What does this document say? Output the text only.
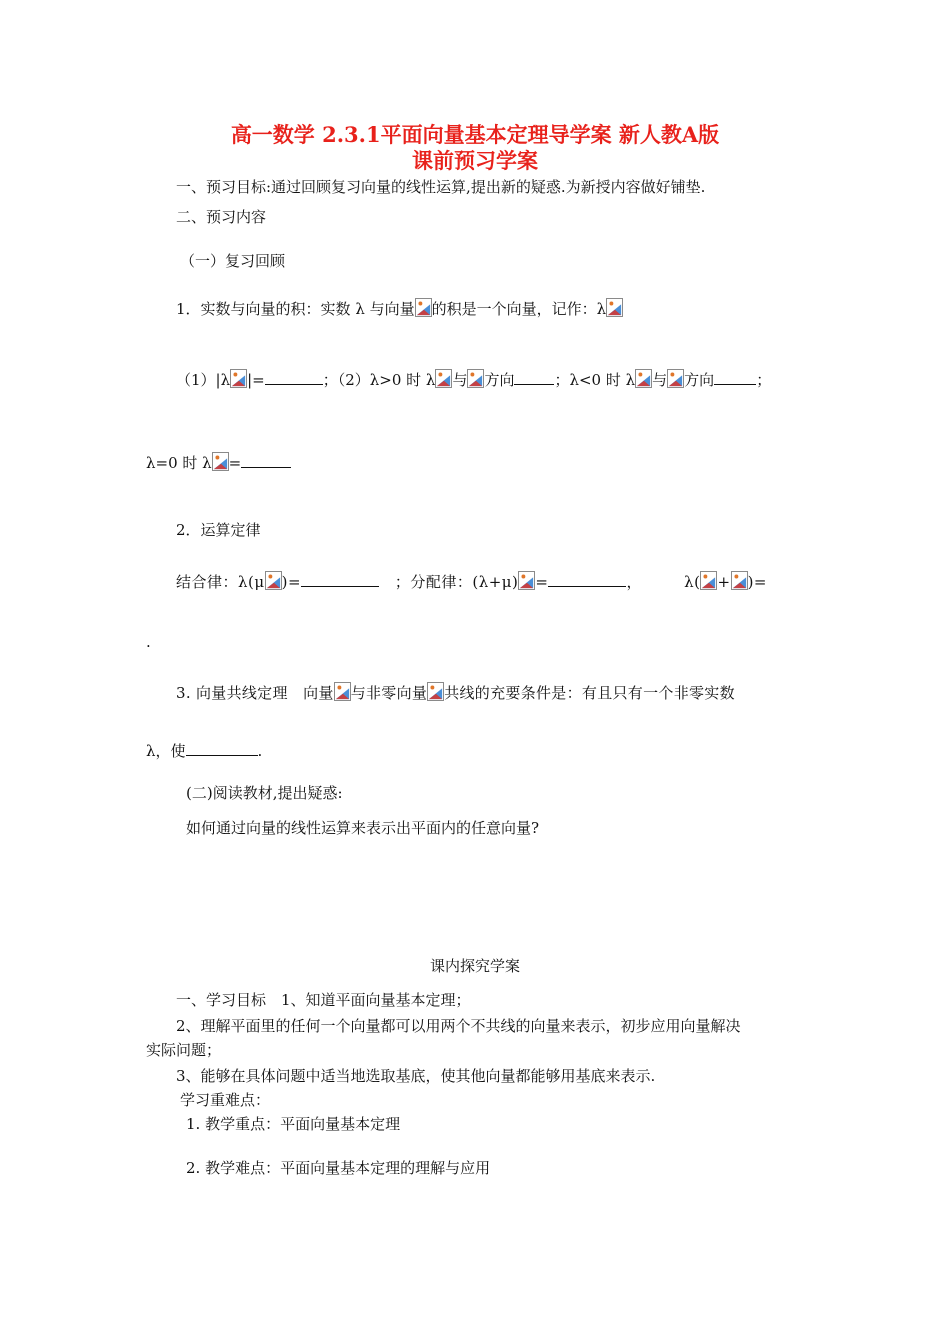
高一数学 2.3.1平面向量基本定理导学案 新人教A版
课前预习学案
一、预习目标:通过回顾复习向量的线性运算,提出新的疑惑.为新授内容做好铺垫.
二、预习内容
（一）复习回顾
1．实数与向量的积：实数 λ 与向量 的积是一个向量，记作：λ
（1）|λ |=	；（2）λ>0 时 λ 与 方向	；λ<0 时 λ 与 方向	；
λ=0 时 λ =
2．运算定律
结合律：λ(μ )=	；分配律：(λ+μ) =	，	λ( + )=
.
3. 向量共线定理　向量 与非零向量 共线的充要条件是：有且只有一个非零实数
λ，使	.
(二)阅读教材,提出疑惑:
如何通过向量的线性运算来表示出平面内的任意向量?
课内探究学案
一、学习目标　1、知道平面向量基本定理；
2、理解平面里的任何一个向量都可以用两个不共线的向量来表示，初步应用向量解决
实际问题；
3、能够在具体问题中适当地选取基底，使其他向量都能够用基底来表示.
学习重难点：
1. 教学重点：平面向量基本定理
2. 教学难点：平面向量基本定理的理解与应用
